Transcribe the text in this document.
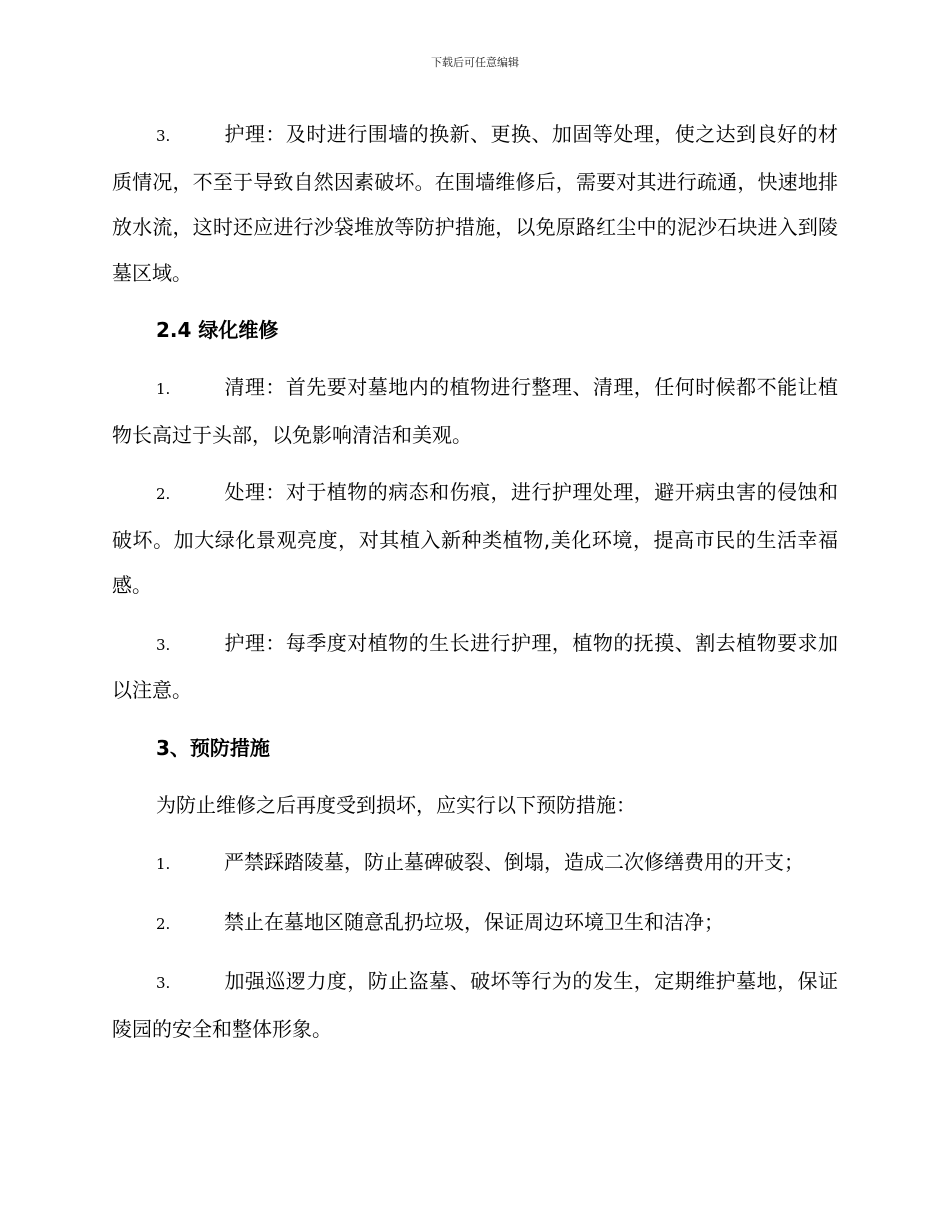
下载后可任意编辑

3.	护理：及时进行围墙的换新、更换、加固等处理，使之达到良好的材质情况，不至于导致自然因素破坏。在围墙维修后，需要对其进行疏通，快速地排放水流，这时还应进行沙袋堆放等防护措施，以免原路红尘中的泥沙石块进入到陵墓区域。

2.4 绿化维修

1.	清理：首先要对墓地内的植物进行整理、清理，任何时候都不能让植物长高过于头部，以免影响清洁和美观。

2.	处理：对于植物的病态和伤痕，进行护理处理，避开病虫害的侵蚀和破坏。加大绿化景观亮度，对其植入新种类植物,美化环境，提高市民的生活幸福感。

3.	护理：每季度对植物的生长进行护理，植物的抚摸、割去植物要求加以注意。

3、预防措施

为防止维修之后再度受到损坏，应实行以下预防措施：

1.	严禁踩踏陵墓，防止墓碑破裂、倒塌，造成二次修缮费用的开支；

2.	禁止在墓地区随意乱扔垃圾，保证周边环境卫生和洁净；

3.	加强巡逻力度，防止盗墓、破坏等行为的发生，定期维护墓地，保证陵园的安全和整体形象。
